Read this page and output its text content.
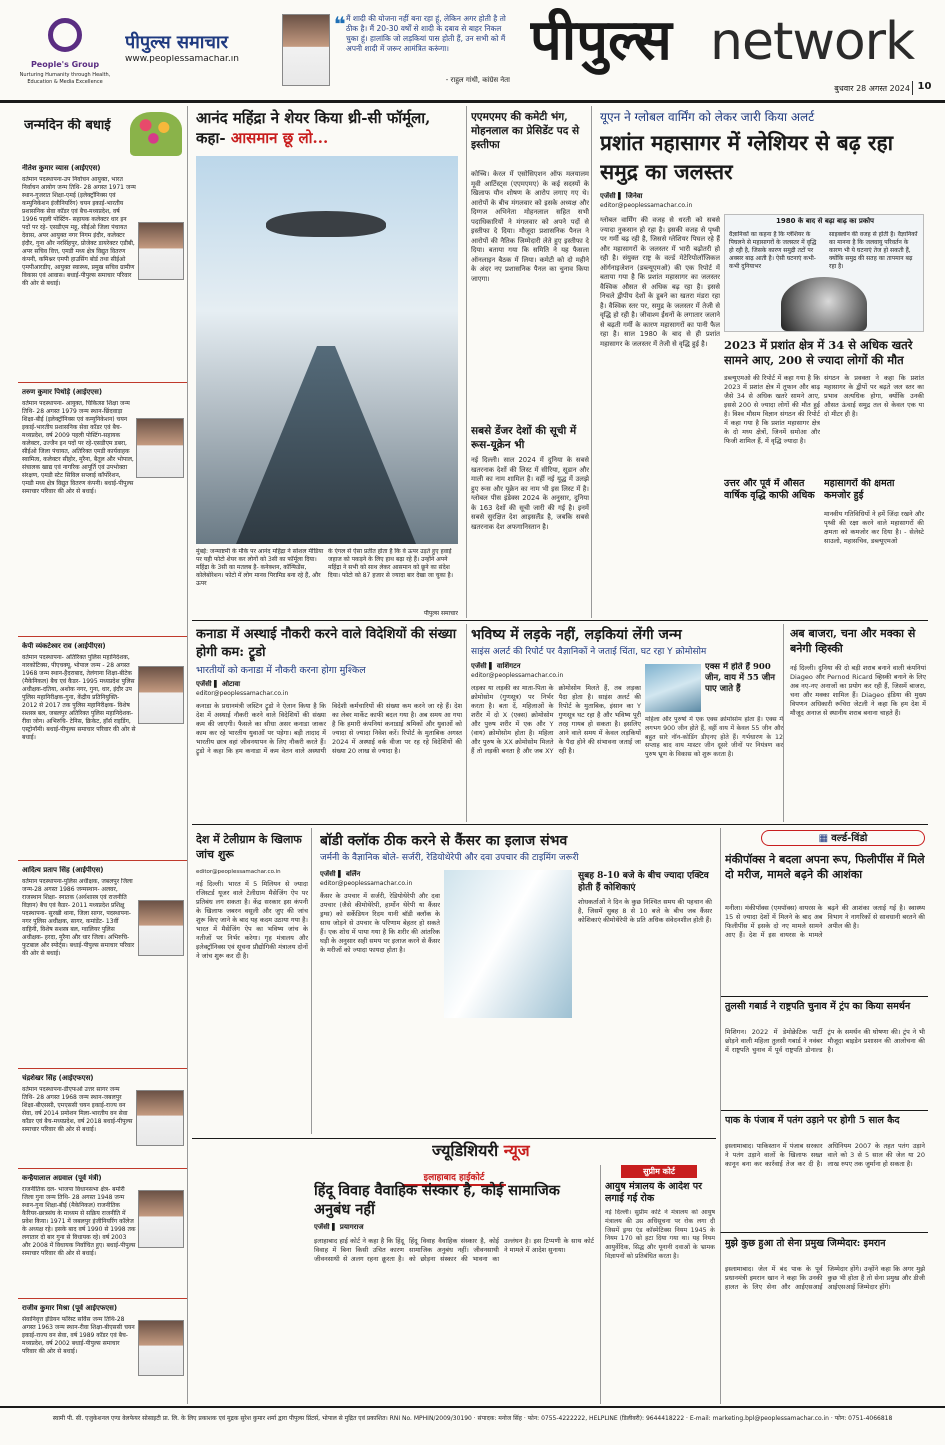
People's Group
Nurturing Humanity through Health, Education & Media Excellence
पीपुल्स समाचार
www.peoplessamachar.in
❝ मैं शादी की योजना नहीं बना रहा हूं, लेकिन अगर होती है तो ठीक है। मैं 20-30 वर्षों से शादी के दबाव से बाहर निकल चुका हूं। हालांकि जो लड़कियां पास होती हैं, उन सभी को मैं अपनी शादी में जरूर आमंत्रित करूंगा।
- राहुल गांधी, कांग्रेस नेता
पीपुल्स network
बुधवार 28 अगस्त 2024 10
जन्मदिन की बधाई
नीतेश कुमार व्यास (आईएएस)
वर्तमान पदस्थापना-उप निर्वाचन आयुक्त, भारत निर्वाचन आयोग जन्म तिथि- 28 अगस्त 1971 जन्म स्थान-गुजरात शिक्षा-एमई (इलेक्ट्रॉनिक्स एवं कम्युनिकेशन इंजीनियरिंग) चयन इकाई-भारतीय प्रशासनिक सेवा कॉडर एवं बैच-मध्यप्रदेश, वर्ष 1996 पहली पोस्टिंग- सहायक कलेक्टर धार इन पदों पर रहे- एसडीएम महू, सीईओ जिला पंचायत देवास, अपर आयुक्त नगर निगम इंदौर, कलेक्टर इंदौर, गुना और नरसिंहपुर, प्रोजेक्ट डायरेक्टर एडीबी, अपर सचिव वित्त, एमडी मध्य क्षेत्र विद्युत वितरण कंपनी, कमिश्नर एमपी हाउसिंग बोर्ड तथा सीईओ एमपीआरडीए, आयुक्त स्वास्थ्य, प्रमुख सचिव ग्रामीण विकास एवं आवास। बधाई-पीपुल्स समाचार परिवार की ओर से बधाई।
तरुण कुमार पिथोड़े (आईएएस)
वर्तमान पदस्थापना- आयुक्त, चिकित्सा शिक्षा जन्म तिथि- 28 अगस्त 1979 जन्म स्थान-छिंदवाड़ा शिक्षा-बीई (इलेक्ट्रॉनिक्स एवं कम्युनिकेशन) चयन इकाई-भारतीय प्रशासनिक सेवा कॉडर एवं बैच-मध्यप्रदेश, वर्ष 2009 पहली पोस्टिंग-सहायक कलेक्टर, उज्जैन इन पदों पर रहे-एसडीएम डबरा, सीईओ जिला पंचायत, अतिरिक्त एमडी कार्यवाहक स्वामित्व, कलेक्टर सीहोर, मुरैना, बैतूल और भोपाल, संचालक खाद्य एवं नागरिक आपूर्ति एवं उपभोक्ता संरक्षण, एमडी स्टेट सिविल सप्लाई कॉर्पोरेशन, एमडी मध्य क्षेत्र विद्युत वितरण कंपनी। बधाई-पीपुल्स समाचार परिवार की ओर से बधाई।
केपी व्यंकटेश्वर राव (आईपीएस)
वर्तमान पदस्थापना- अतिरिक्त पुलिस महानिदेशक, नारकोटिक्स, पीएचक्यू, भोपाल जन्म - 28 अगस्त 1968 जन्म स्थान-हैदराबाद, तेलंगाना शिक्षा-बीटेक (मैकेनिकल) बैच एवं कैडर- 1995 मध्यप्रदेश पुलिस अधीक्षक-दतिया, अशोक नगर, गुना, धार, इंदौर उप पुलिस महानिरीक्षक-गुना, केंद्रीय प्रतिनियुक्ति- 2012 से 2017 तक पुलिस महानिरीक्षक- विशेष सशस्त्र बल, जबलपुर अतिरिक्त पुलिस महानिदेशक- रीवा जोन। अभिरुचि- टेनिस, क्रिकेट, हॉर्स राइडिंग, एस्ट्रोनॉमी। बधाई-पीपुल्स समाचार परिवार की ओर से बधाई।
आदित्य प्रताप सिंह (आईपीएस)
वर्तमान पदस्थापना-पुलिस अधीक्षक, जबलपुर जिला जन्म-28 अगस्त 1986 जन्मस्थान- अलवर, राजस्थान शिक्षा- स्नातक (अर्थशास्त्र एवं राजनीति विज्ञान) बैच एवं कैडर- 2011 मध्यप्रदेश प्रशिक्षु पदस्थापना- सुरखी थाना, जिला सागर, पदस्थापना- नगर पुलिस अधीक्षक, सागर, कमांडेंट- 13वीं वाहिनी, विशेष सशस्त्र बल, ग्वालियर पुलिस अधीक्षक- हरदा, मुरैना और धार जिला। अभिरुचि- फुटबाल और स्पोर्ट्स। बधाई-पीपुल्स समाचार परिवार की ओर से बधाई।
चंद्रशेखर सिंह (आईएफएस)
वर्तमान पदस्थापना-डीएफओ उत्तर सागर जन्म तिथि- 28 अगस्त 1968 जन्म स्थान-जबलपुर शिक्षा-बीएससी, एमएससी चयन इकाई-राज्य वन सेवा, वर्ष 2014 प्रमोशन मिला-भारतीय वन सेवा कॉडर एवं बैच-मध्यप्रदेश, वर्ष 2018 बधाई-पीपुल्स समाचार परिवार की ओर से बधाई।
कन्हैयालाल अग्रवाल (पूर्व मंत्री)
राजनीतिक दल- भाजपा विधानसभा क्षेत्र- बमोरी जिला गुना जन्म तिथि- 28 अगस्त 1948 जन्म स्थान-गुना शिक्षा-बीई (मैकेनिकल) राजनीतिक कैरियर-छात्रसंघ के माध्यम से सक्रिय राजनीति में प्रवेश किया। 1971 में जबलपुर इंजीनियरिंग कॉलेज के अध्यक्ष रहे। इसके बाद वर्ष 1990 से 1998 तक लगातार दो बार गुना से विधायक रहे। वर्ष 2003 और 2008 में विधायक निर्वाचित हुए। बधाई-पीपुल्स समाचार परिवार की ओर से बधाई।
राजीव कुमार मिश्रा (पूर्व आईएफएस)
सेवानिवृत्त इंडियन फॉरेस्ट सर्विस जन्म तिथि-28 अगस्त 1963 जन्म स्थान-रीवा शिक्षा-बीएससी चयन इकाई-राज्य वन सेवा, वर्ष 1989 कॉडर एवं बैच-मध्यप्रदेश, वर्ष 2002 बधाई-पीपुल्स समाचार परिवार की ओर से बधाई।
आनंद महिंद्रा ने शेयर किया थ्री-सी फॉर्मूला, कहा- आसमान छू लो...
मुंबई: जन्माष्टमी के मौके पर आनंद महिंद्रा ने सोशल मीडिया पर यही फोटो शेयर कर लोगों को 3सी का फॉर्मूला दिया। महिंद्रा के 3सी का मतलब है- कनेक्शन, कॉन्फिडेंस, कोलेबोरेशन। फोटो में लोग मानव पिरामिड बना रहे हैं, और ऊपर
के एंगल से ऐसा प्रतीत होता है कि वे ऊपर उड़ते हुए हवाई जहाज को पकड़ने के लिए हाथ बढ़ा रहे हैं। उन्होंने अपने महिंद्रा ने सभी को साथ लेकर आसमान को छूने का संदेश दिया। फोटो को 87 हजार से ज्यादा बार देखा जा चुका है।
पीपुल्स समाचार
एएमएमए की कमेटी भंग, मोहनलाल का प्रेसिडेंट पद से इस्तीफा
कोच्चि। केरल में एसोसिएशन ऑफ मलयालम मूवी आर्टिस्ट्स (एएमएमए) के कई सदस्यों के खिलाफ यौन शोषण के आरोप लगाए गए थे। आरोपों के बीच मंगलवार को इसके अध्यक्ष और दिग्गज अभिनेता मोहनलाल सहित सभी पदाधिकारियों ने मंगलवार को अपने पदों से इस्तीफा दे दिया। मौजूदा प्रशासनिक पैनल ने आरोपों की नैतिक जिम्मेदारी लेते हुए इस्तीफा दे दिया। बताया गया कि समिति ने यह फैसला ऑनलाइन बैठक में लिया। कमेटी को दो महीने के अंदर नए प्रशासनिक पैनल का चुनाव किया जाएगा।
सबसे डेंजर देशों की सूची में रूस-यूक्रेन भी
नई दिल्ली। साल 2024 में दुनिया के सबसे खतरनाक देशों की लिस्ट में सीरिया, सूडान और माली का नाम शामिल है। वहीं नई यूद्ध में उलझे हुए रूस और यूक्रेन का नाम भी इस लिस्ट में है। ग्लोबल पीस इंडेक्स 2024 के अनुसार, दुनिया के 163 देशों की सूची जारी की गई है। इनमें सबसे सुरक्षित देश आइसलैंड है, जबकि सबसे खतरनाक देश अफगानिस्तान है।
यूएन ने ग्लोबल वार्मिंग को लेकर जारी किया अलर्ट
प्रशांत महासागर में ग्लेशियर से बढ़ रहा समुद्र का जलस्तर
एजेंसी ▌ जिनेवा
editor@peoplessamachar.co.in
ग्लोबल वार्मिंग की वजह से धरती को सबसे ज्यादा नुकसान हो रहा है। इसकी वजह से पृथ्वी पर गर्मी बढ़ रही है, जिससे ग्लेशियर पिघल रहे हैं और महासागरों के जलस्तर में भारी बढ़ोतरी हो रही है। संयुक्त राष्ट्र के वर्ल्ड मेटेरियोलॉजिकल ऑर्गनाइजेशन (डब्ल्यूएमओ) की एक रिपोर्ट में बताया गया है कि प्रशांत महासागर का जलस्तर वैश्विक औसत से अधिक बढ़ रहा है। इससे निचले द्वीपीय देशों के डूबने का खतरा मंडरा रहा है। वैश्विक स्तर पर, समुद्र के जलस्तर में तेजी से वृद्धि हो रही है। जीवाश्म ईंधनों के लगातार जलाने से बढ़ती गर्मी के कारण महासागरों का पानी फैल रहा है। साल 1980 के बाद से ही प्रशांत महासागर के जलस्तर में तेजी से वृद्धि हुई है।
1980 के बाद से बढ़ा बाढ़ का प्रकोप
वैज्ञानिकों का कहना है कि ग्लेशियर के पिघलने से महासागरों के जलस्तर में वृद्धि हो रही है, जिसके कारण समुद्री तटों पर अक्सर बाढ़ आती है। ऐसी घटनाएं कभी-कभी दुनियाभर
साइक्लोन की वजह से होती है। वैज्ञानिकों का मानना है कि जलवायु परिवर्तन के कारण भी ये घटनाएं तेज हो सकती हैं, क्योंकि समुद्र की सतह का तापमान बढ़ रहा है।
2023 में प्रशांत क्षेत्र में 34 से अधिक खतरे सामने आए, 200 से ज्यादा लोगों की मौत
डब्ल्यूएमओ की रिपोर्ट में कहा गया है कि 2023 में प्रशांत क्षेत्र में तूफान और बाढ़ जैसे 34 से अधिक खतरे सामने आए, इससे 200 से ज्यादा लोगों की मौत हुई है। विश्व मौसम विज्ञान संगठन की रिपोर्ट में कहा गया है कि प्रशांत महासागर क्षेत्र के दो मध्य क्षेत्रों, जिनमें समोआ और फिजी शामिल हैं, में वृद्धि ज्यादा है।
संगठन के प्रवक्ता ने कहा कि प्रशांत महासागर के द्वीपों पर बढ़ते जल स्तर का प्रभाव अत्यधिक होगा, क्योंकि उनकी औसत ऊंचाई समुद्र तल से केवल एक या दो मीटर ही है।
उत्तर और पूर्व में औसत वार्षिक वृद्धि काफी अधिक
महासागरों की क्षमता कमजोर हुई
मानवीय गतिविधियों ने हमें जिंदा रखने और पृथ्वी की रक्षा करने वाले महासागरों की क्षमता को कमजोर कर दिया है। - सेलेस्टे साउलो, महासचिव, डब्ल्यूएमओ
कनाडा में अस्थाई नौकरी करने वाले विदेशियों की संख्या होगी कम: ट्रूडो
भारतीयों को कनाडा में नौकरी करना होगा मुश्किल
एजेंसी ▌ ओटावा
editor@peoplessamachar.co.in
कनाडा के प्रधानमंत्री जस्टिन ट्रूडो ने ऐलान किया है कि देश में अस्थाई नौकरी करने वाले विदेशियों की संख्या कम की जाएगी। फैसले का सीधा असर कनाडा जाकर काम कर रहे भारतीय युवाओं पर पड़ेगा। बड़ी तादाद में भारतीय छात्र वहां जीवनयापन के लिए नौकरी करते हैं। ट्रूडो ने कहा कि हम कनाडा में कम वेतन वाले अस्थायी विदेशी कर्मचारियों की संख्या कम करने जा रहे हैं। देश का लेबर मार्केट काफी बदल गया है। अब समय आ गया है कि हमारी कंपनियां कनाडाई श्रमिकों और युवाओं को ज्यादा से ज्यादा निवेश करें। रिपोर्ट के मुताबिक अगस्त 2024 में अस्थाई वर्क वीजा पर रह रहे विदेशियों की संख्या 20 लाख से ज्यादा है।
भविष्य में लड़के नहीं, लड़कियां लेंगी जन्म
साइंस अलर्ट की रिपोर्ट पर वैज्ञानिकों ने जताई चिंता, घट रहा Y क्रोमोसोम
एजेंसी ▌ वाशिंगटन
editor@peoplessamachar.co.in
लड़का या लड़की का माता-पिता के क्रोमोसोम (गुणसूत्र) पर निर्भर करता है। बता दें, महिलाओं के शरीर में दो X (एक्स) क्रोमोसोम और पुरुष शरीर में एक और Y (वाय) क्रोमोसोम होता है। महिला और पुरुष के XX क्रोमोसोम मिलते हैं तो लड़की बनता है और जब XY क्रोमोसोम मिलते हैं, तब लड़का पैदा होता है। साइंस अलर्ट की रिपोर्ट के मुताबिक, इंसान का Y गुणसूत्र घट रहा है और भविष्य पूरी तरह गायब हो सकता है। इसलिए आने वाले समय में केवल लड़कियों के पैदा होने की संभावना जताई जा रही है।
एक्स में होते हैं 900 जीन, वाय में 55 जीन पाए जाते हैं
महिला और पुरुषों में एक एक्स क्रोमोसोम होता है। एक्स में लगभग 900 जीन होते हैं, वहीं वाय में केवल 55 जीन और बहुत सारे नॉन-कोडिंग डीएनए होते हैं। गर्भधारण के 12 सप्ताह बाद वाय मास्टर जीन दूसरे जीनों पर नियंत्रण कर पुरुष भ्रूण के विकास को शुरू करता है।
अब बाजरा, चना और मक्का से बनेगी व्हिस्की
नई दिल्ली। दुनिया की दो बड़ी शराब बनाने वाली कंपनियां Diageo और Pernod Ricard व्हिस्की बनाने के लिए अब नए-नए अनाजों का प्रयोग कर रही हैं, जिसमें बाजरा, चना और मक्का शामिल हैं। Diageo इंडिया की मुख्य विपणन अधिकारी रूचिरा जेटली ने कहा कि हम देश में मौजूद अनाज से स्थानीय शराब बनाना चाहते हैं।
देश में टेलीग्राम के खिलाफ जांच शुरू
editor@peoplessamachar.co.in
नई दिल्ली। भारत में 5 मिलियन से ज्यादा रजिस्टर्ड यूजर वाले टेलीग्राम मैसेजिंग ऐप पर प्रतिबंध लग सकता है। केंद्र सरकार इस कंपनी के खिलाफ जबरन वसूली और जुए की जांच शुरू किए जाने के बाद यह कदम उठाया गया है। भारत में मैसेजिंग ऐप का भविष्य जांच के नतीजों पर निर्भर करेगा। गृह मंत्रालय और इलेक्ट्रॉनिक्स एवं सूचना प्रौद्योगिकी मंत्रालय दोनों ने जांच शुरू कर दी है।
बॉडी क्लॉक ठीक करने से कैंसर का इलाज संभव
जर्मनी के वैज्ञानिक बोले- सर्जरी, रेडियोथेरेपी और दवा उपचार की टाइमिंग जरूरी
एजेंसी ▌ बर्लिन
editor@peoplessamachar.co.in
कैंसर के उपचार में सर्जरी, रेडियोथेरेपी और दवा उपचार (जैसे कीमोथेरेपी, हार्मोन थेरेपी या कैंसर ड्रग्स) को सर्केडियन रिदम यानी बॉडी क्लॉक के साथ जोड़ने से उपचार के परिणाम बेहतर हो सकते हैं। एक शोध में पाया गया है कि शरीर की आंतरिक घड़ी के अनुसार सही समय पर इलाज करने से कैंसर के मरीजों को ज्यादा फायदा होता है।
सुबह 8-10 बजे के बीच ज्यादा एक्टिव होती हैं कोशिकाएं
शोधकर्ताओं ने दिन के कुछ निश्चित समय की पहचान की है, जिसमें सुबह 8 से 10 बजे के बीच जब कैंसर कोशिकाएं कीमोथेरेपी के प्रति अधिक संवेदनशील होती हैं।
▦ वर्ल्ड-विंडो
मंकीपॉक्स ने बदला अपना रूप, फिलीपींस में मिले दो मरीज, मामले बढ़ने की आशंका
मनीला। मंकीपॉक्स (एमपॉक्स) वायरस के 15 से ज्यादा देशों में मिलने के बाद अब फिलीपींस में इसके दो नए मामले सामने आए हैं। देश में इस वायरस के मामले बढ़ने की आशंका जताई गई है। स्वास्थ्य विभाग ने नागरिकों से सावधानी बरतने की अपील की है।
तुलसी गबार्ड ने राष्ट्रपति चुनाव में ट्रंप का किया समर्थन
मिशिगन। 2022 में डेमोक्रेटिक पार्टी छोड़ने वाली महिला तुलसी गबार्ड ने नवंबर में राष्ट्रपति चुनाव में पूर्व राष्ट्रपति डोनाल्ड ट्रंप के समर्थन की घोषणा की। ट्रंप ने भी मौजूदा बाइडेन प्रशासन की आलोचना की है।
पाक के पंजाब में पतंग उड़ाने पर होगी 5 साल कैद
इस्लामाबाद। पाकिस्तान में पंजाब सरकार ने पतंग उड़ाने वालों के खिलाफ सख्त कानून बना कर कार्रवाई तेज कर दी है। अधिनियम 2007 के तहत पतंग उड़ाने वाले को 3 से 5 साल की जेल या 20 लाख रुपए तक जुर्माना हो सकता है।
मुझे कुछ हुआ तो सेना प्रमुख जिम्मेदार: इमरान
इस्लामाबाद। जेल में बंद पाक के पूर्व प्रधानमंत्री इमरान खान ने कहा कि उनकी हालत के लिए सेना और आईएसआई जिम्मेदार होंगे। उन्होंने कहा कि अगर मुझे कुछ भी होता है तो सेना प्रमुख और डीजी आईएसआई जिम्मेदार होंगे।
ज्यूडिशियरी न्यूज
इलाहाबाद हाईकोर्ट
हिंदू विवाह वैवाहिक संस्कार है, कोई सामाजिक अनुबंध नहीं
एजेंसी ▌ प्रयागराज
इलाहाबाद हाई कोर्ट ने कहा है कि हिंदू विवाह में बिना किसी उचित कारण जीवनसाथी से अलग रहना क्रूरता है। हिंदू विवाह वैवाहिक संस्कार है, कोई सामाजिक अनुबंध नहीं। जीवनसाथी को छोड़ना संस्कार की भावना का उल्लंघन है। इस टिप्पणी के साथ कोर्ट ने मामले में आदेश सुनाया।
सुप्रीम कोर्ट
आयुष मंत्रालय के आदेश पर लगाई गई रोक
नई दिल्ली। सुप्रीम कोर्ट ने मंत्रालय को आयुष मंत्रालय की उस अधिसूचना पर रोक लगा दी जिसमें ड्रग्स एंड कॉस्मेटिक्स नियम 1945 के नियम 170 को हटा दिया गया था। यह नियम आयुर्वेदिक, सिद्ध और यूनानी दवाओं के भ्रामक विज्ञापनों को प्रतिबंधित करता है।
स्वामी पी. सी. एजुकेशनल एण्ड वेलफेयर सोसाइटी प्रा. लि. के लिए प्रकाशक एवं मुद्रक सुरेश कुमार शर्मा द्वारा पीपुल्स प्रिंटर्स, भोपाल से मुद्रित एवं प्रकाशित। RNI No. MPHIN/2009/30190 · संपादक: मनोज सिंह · फोन: 0755-4222222, HELPLINE (डिलीवरी): 9644418222 · E-mail: marketing.bpl@peoplessamachar.co.in · फोन: 0751-4066818
